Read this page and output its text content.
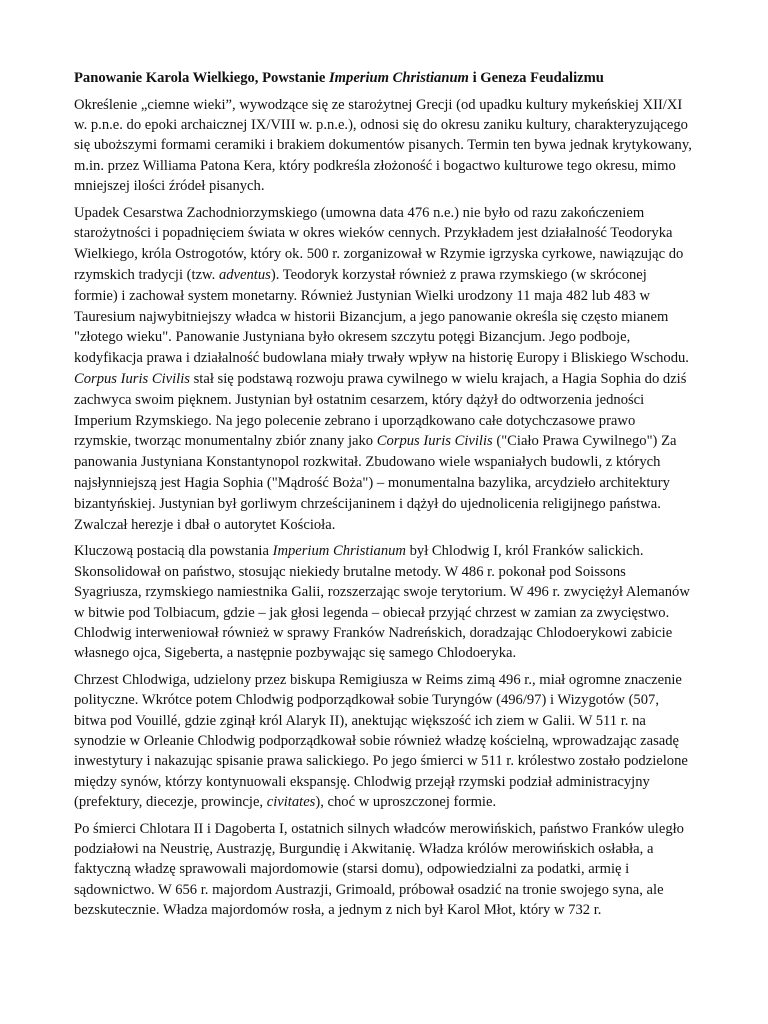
Panowanie Karola Wielkiego, Powstanie Imperium Christianum i Geneza Feudalizmu

Określenie „ciemne wieki”, wywodzące się ze starożytnej Grecji (od upadku kultury mykeńskiej XII/XI w. p.n.e. do epoki archaicznej IX/VIII w. p.n.e.), odnosi się do okresu zaniku kultury, charakteryzującego się uboższymi formami ceramiki i brakiem dokumentów pisanych. Termin ten bywa jednak krytykowany, m.in. przez Williama Patona Kera, który podkreśla złożoność i bogactwo kulturowe tego okresu, mimo mniejszej ilości źródeł pisanych.

Upadek Cesarstwa Zachodniorzymskiego (umowna data 476 n.e.) nie było od razu zakończeniem starożytności i popadnięciem świata w okres wieków cennych. Przykładem jest działalność Teodoryka Wielkiego, króla Ostrogotów, który ok. 500 r. zorganizował w Rzymie igrzyska cyrkowe, nawiązując do rzymskich tradycji (tzw. adventus). Teodoryk korzystał również z prawa rzymskiego (w skróconej formie) i zachował system monetarny. Również Justynian Wielki urodzony 11 maja 482 lub 483 w Tauresium najwybitniejszy władca w historii Bizancjum, a jego panowanie określa się często mianem "złotego wieku". Panowanie Justyniana było okresem szczytu potęgi Bizancjum. Jego podboje, kodyfikacja prawa i działalność budowlana miały trwały wpływ na historię Europy i Bliskiego Wschodu. Corpus Iuris Civilis stał się podstawą rozwoju prawa cywilnego w wielu krajach, a Hagia Sophia do dziś zachwyca swoim pięknem. Justynian był ostatnim cesarzem, który dążył do odtworzenia jedności Imperium Rzymskiego. Na jego polecenie zebrano i uporządkowano całe dotychczasowe prawo rzymskie, tworząc monumentalny zbiór znany jako Corpus Iuris Civilis ("Ciało Prawa Cywilnego") Za panowania Justyniana Konstantynopol rozkwitał. Zbudowano wiele wspaniałych budowli, z których najsłynniejszą jest Hagia Sophia ("Mądrość Boża") – monumentalna bazylika, arcydzieło architektury bizantyńskiej. Justynian był gorliwym chrześcijaninem i dążył do ujednolicenia religijnego państwa. Zwalczał herezje i dbał o autorytet Kościoła.

Kluczową postacią dla powstania Imperium Christianum był Chlodwig I, król Franków salickich. Skonsolidował on państwo, stosując niekiedy brutalne metody. W 486 r. pokonał pod Soissons Syagriusza, rzymskiego namiestnika Galii, rozszerzając swoje terytorium. W 496 r. zwyciężył Alemanów w bitwie pod Tolbiacum, gdzie – jak głosi legenda – obiecał przyjąć chrzest w zamian za zwycięstwo. Chlodwig interweniował również w sprawy Franków Nadreńskich, doradzając Chlodoerykowi zabicie własnego ojca, Sigeberta, a następnie pozbywając się samego Chlodoeryka.

Chrzest Chlodwiga, udzielony przez biskupa Remigiusza w Reims zimą 496 r., miał ogromne znaczenie polityczne. Wkrótce potem Chlodwig podporządkował sobie Turyngów (496/97) i Wizygotów (507, bitwa pod Vouillé, gdzie zginął król Alaryk II), anektując większość ich ziem w Galii. W 511 r. na synodzie w Orleanie Chlodwig podporządkował sobie również władzę kościelną, wprowadzając zasadę inwestytury i nakazując spisanie prawa salickiego. Po jego śmierci w 511 r. królestwo zostało podzielone między synów, którzy kontynuowali ekspansję. Chlodwig przejął rzymski podział administracyjny (prefektury, diecezje, prowincje, civitates), choć w uproszczonej formie.

Po śmierci Chlotara II i Dagoberta I, ostatnich silnych władców merowińskich, państwo Franków uległo podziałowi na Neustrię, Austrazję, Burgundię i Akwitanię. Władza królów merowińskich osłabła, a faktyczną władzę sprawowali majordomowie (starsi domu), odpowiedzialni za podatki, armię i sądownictwo. W 656 r. majordom Austrazji, Grimoald, próbował osadzić na tronie swojego syna, ale bezskutecznie. Władza majordomów rosła, a jednym z nich był Karol Młot, który w 732 r.
